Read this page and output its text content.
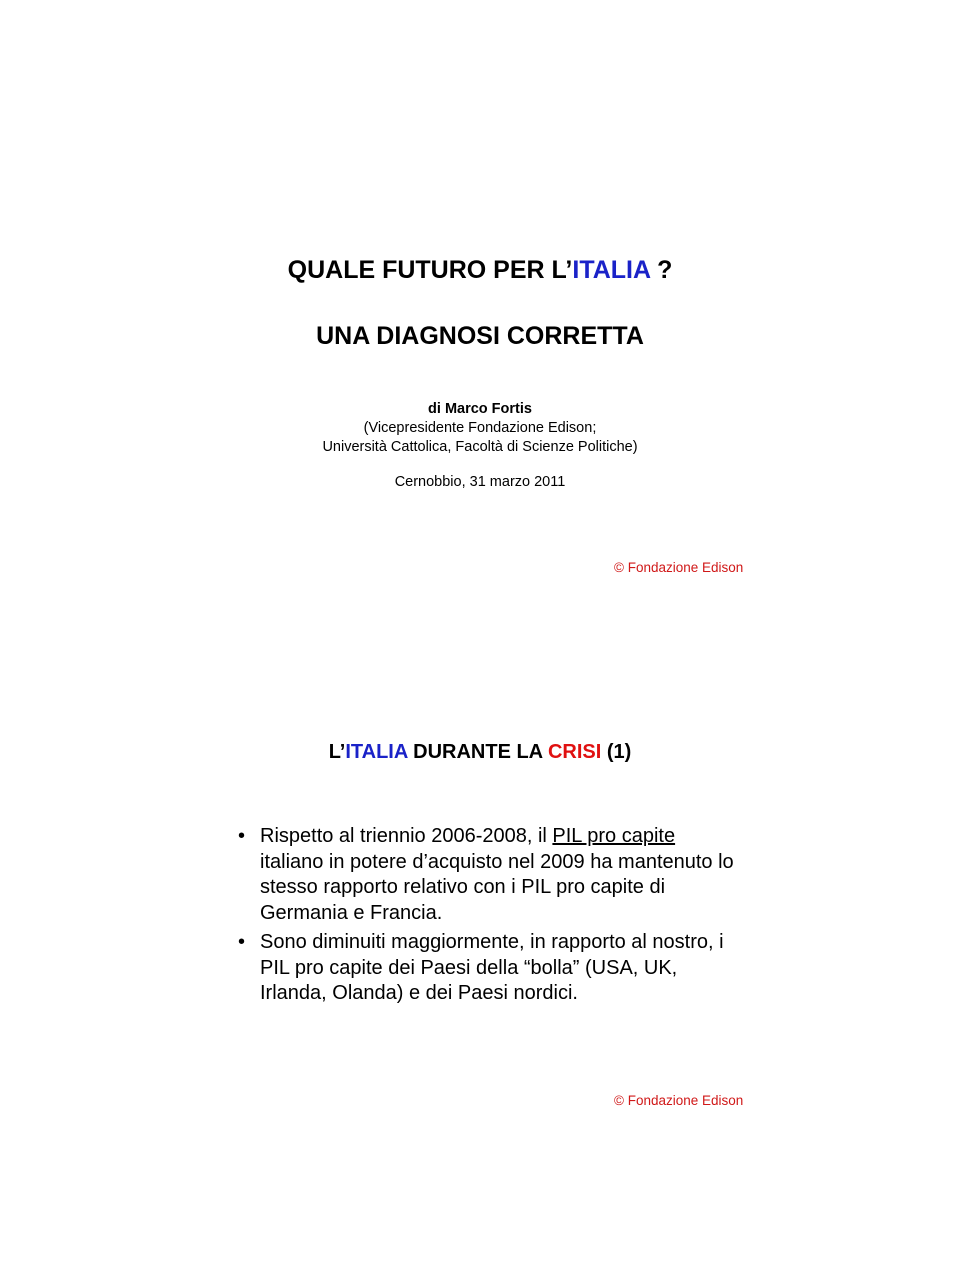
QUALE FUTURO PER L’ITALIA ?
UNA DIAGNOSI CORRETTA
di Marco Fortis
(Vicepresidente Fondazione Edison;
Università Cattolica, Facoltà di Scienze Politiche)
Cernobbio, 31 marzo 2011
© Fondazione Edison
L’ITALIA DURANTE LA CRISI (1)
• Rispetto al triennio 2006-2008, il PIL pro capite italiano in potere d’acquisto nel 2009 ha mantenuto lo stesso rapporto relativo con i PIL pro capite di Germania e Francia.
• Sono diminuiti maggiormente, in rapporto al nostro, i PIL pro capite dei Paesi della “bolla” (USA, UK, Irlanda, Olanda) e dei Paesi nordici.
© Fondazione Edison
